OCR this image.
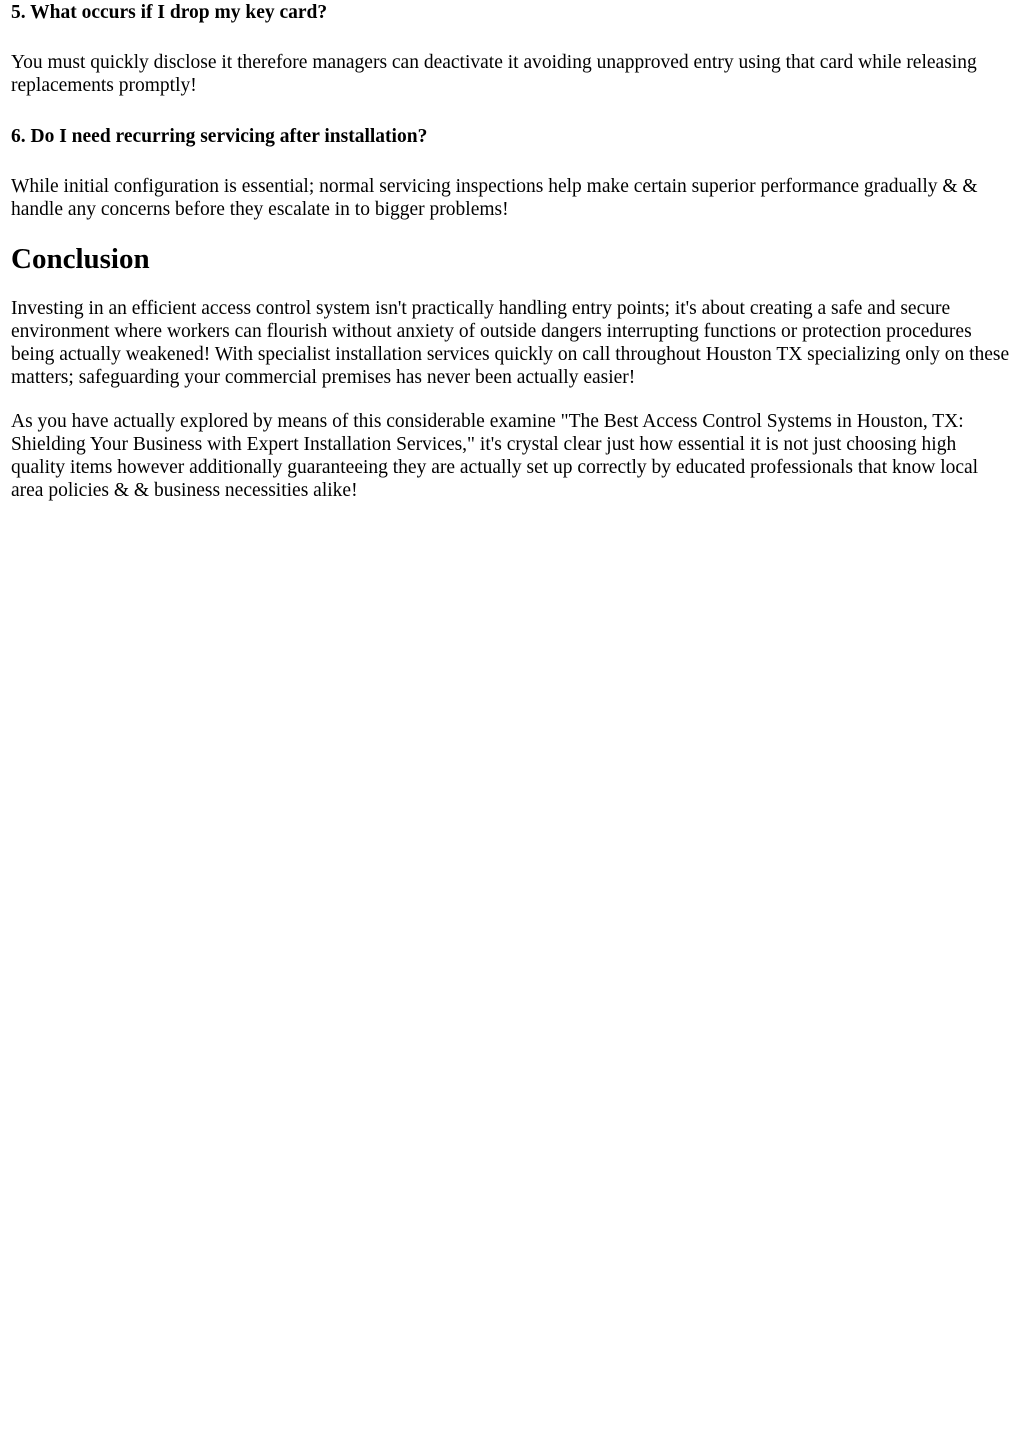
5. What occurs if I drop my key card?

You must quickly disclose it therefore managers can deactivate it avoiding unapproved entry using that card while releasing replacements promptly!

6. Do I need recurring servicing after installation?

While initial configuration is essential; normal servicing inspections help make certain superior performance gradually & & handle any concerns before they escalate in to bigger problems!

Conclusion

Investing in an efficient access control system isn't practically handling entry points; it's about creating a safe and secure environment where workers can flourish without anxiety of outside dangers interrupting functions or protection procedures being actually weakened! With specialist installation services quickly on call throughout Houston TX specializing only on these matters; safeguarding your commercial premises has never been actually easier!

As you have actually explored by means of this considerable examine "The Best Access Control Systems in Houston, TX: Shielding Your Business with Expert Installation Services," it's crystal clear just how essential it is not just choosing high quality items however additionally guaranteeing they are actually set up correctly by educated professionals that know local area policies & & business necessities alike!
